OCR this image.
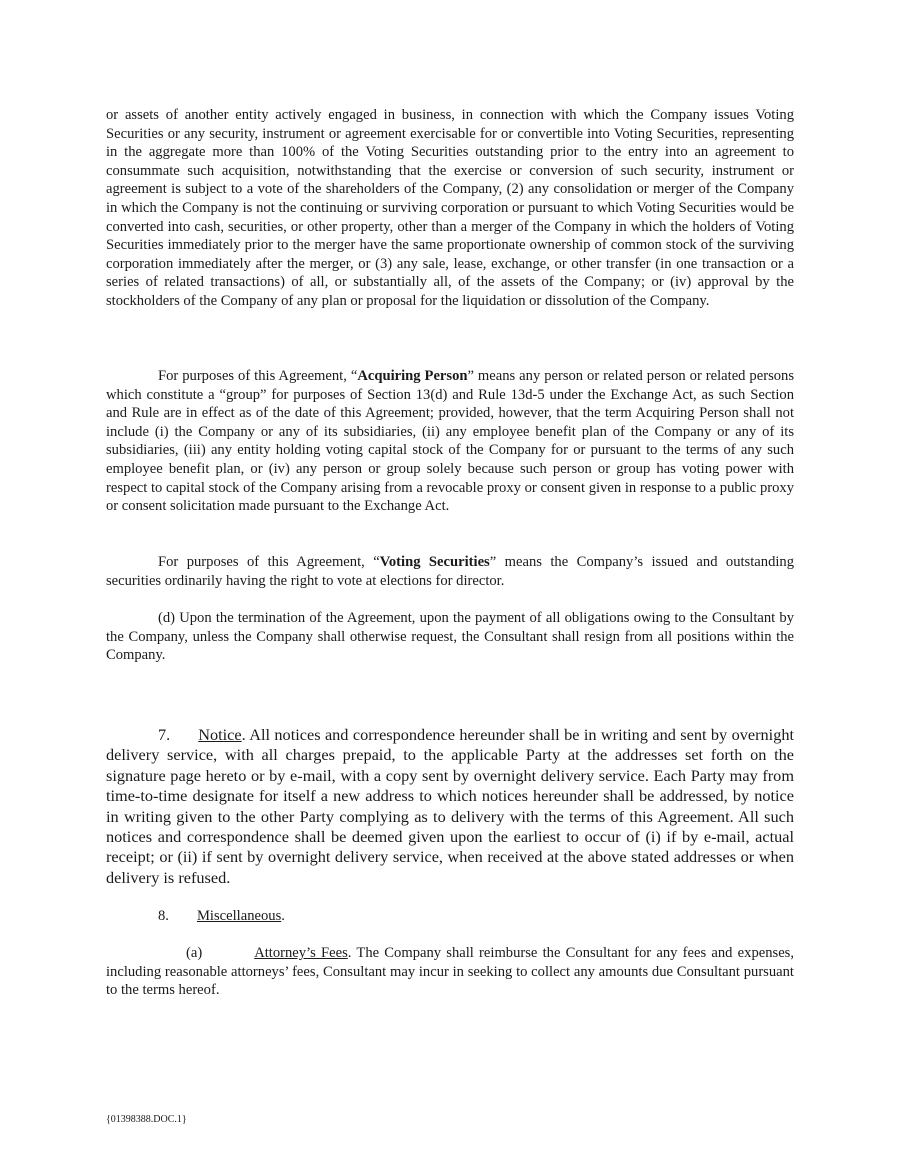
or assets of another entity actively engaged in business, in connection with which the Company issues Voting Securities or any security, instrument or agreement exercisable for or convertible into Voting Securities, representing in the aggregate more than 100% of the Voting Securities outstanding prior to the entry into an agreement to consummate such acquisition, notwithstanding that the exercise or conversion of such security, instrument or agreement is subject to a vote of the shareholders of the Company, (2) any consolidation or merger of the Company in which the Company is not the continuing or surviving corporation or pursuant to which Voting Securities would be converted into cash, securities, or other property, other than a merger of the Company in which the holders of Voting Securities immediately prior to the merger have the same proportionate ownership of common stock of the surviving corporation immediately after the merger, or (3) any sale, lease, exchange, or other transfer (in one transaction or a series of related transactions) of all, or substantially all, of the assets of the Company; or (iv) approval by the stockholders of the Company of any plan or proposal for the liquidation or dissolution of the Company.

For purposes of this Agreement, “Acquiring Person” means any person or related person or related persons which constitute a “group” for purposes of Section 13(d) and Rule 13d-5 under the Exchange Act, as such Section and Rule are in effect as of the date of this Agreement; provided, however, that the term Acquiring Person shall not include (i) the Company or any of its subsidiaries, (ii) any employee benefit plan of the Company or any of its subsidiaries, (iii) any entity holding voting capital stock of the Company for or pursuant to the terms of any such employee benefit plan, or (iv) any person or group solely because such person or group has voting power with respect to capital stock of the Company arising from a revocable proxy or consent given in response to a public proxy or consent solicitation made pursuant to the Exchange Act.

For purposes of this Agreement, “Voting Securities” means the Company’s issued and outstanding securities ordinarily having the right to vote at elections for director.

(d) Upon the termination of the Agreement, upon the payment of all obligations owing to the Consultant by the Company, unless the Company shall otherwise request, the Consultant shall resign from all positions within the Company.

7. Notice. All notices and correspondence hereunder shall be in writing and sent by overnight delivery service, with all charges prepaid, to the applicable Party at the addresses set forth on the signature page hereto or by e-mail, with a copy sent by overnight delivery service. Each Party may from time-to-time designate for itself a new address to which notices hereunder shall be addressed, by notice in writing given to the other Party complying as to delivery with the terms of this Agreement. All such notices and correspondence shall be deemed given upon the earliest to occur of (i) if by e-mail, actual receipt; or (ii) if sent by overnight delivery service, when received at the above stated addresses or when delivery is refused.

8. Miscellaneous.

(a)	Attorney’s Fees. The Company shall reimburse the Consultant for any fees and expenses, including reasonable attorneys’ fees, Consultant may incur in seeking to collect any amounts due Consultant pursuant to the terms hereof.

{01398388.DOC.1}
